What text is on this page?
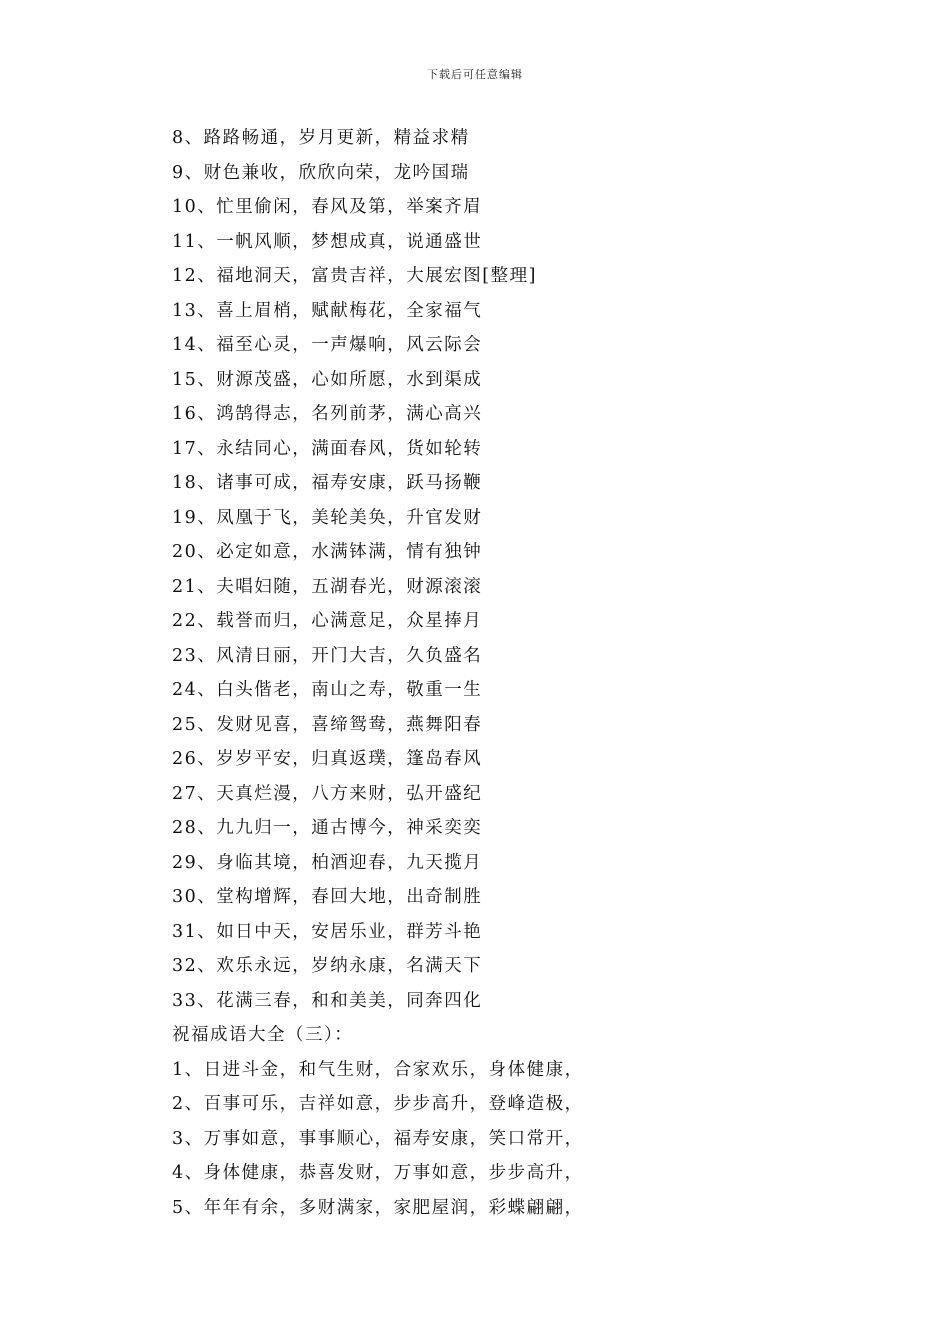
下载后可任意编辑
8、路路畅通，岁月更新，精益求精
9、财色兼收，欣欣向荣，龙吟国瑞
10、忙里偷闲，春风及第，举案齐眉
11、一帆风顺，梦想成真，说通盛世
12、福地洞天，富贵吉祥，大展宏图[整理]
13、喜上眉梢，赋献梅花，全家福气
14、福至心灵，一声爆响，风云际会
15、财源茂盛，心如所愿，水到渠成
16、鸿鹄得志，名列前茅，满心高兴
17、永结同心，满面春风，货如轮转
18、诸事可成，福寿安康，跃马扬鞭
19、凤凰于飞，美轮美奂，升官发财
20、必定如意，水满钵满，情有独钟
21、夫唱妇随，五湖春光，财源滚滚
22、载誉而归，心满意足，众星捧月
23、风清日丽，开门大吉，久负盛名
24、白头偕老，南山之寿，敬重一生
25、发财见喜，喜缔鸳鸯，燕舞阳春
26、岁岁平安，归真返璞，篷岛春风
27、天真烂漫，八方来财，弘开盛纪
28、九九归一，通古博今，神采奕奕
29、身临其境，柏酒迎春，九天揽月
30、堂构增辉，春回大地，出奇制胜
31、如日中天，安居乐业，群芳斗艳
32、欢乐永远，岁纳永康，名满天下
33、花满三春，和和美美，同奔四化
祝福成语大全（三）：
1、日进斗金，和气生财，合家欢乐，身体健康，
2、百事可乐，吉祥如意，步步高升，登峰造极，
3、万事如意，事事顺心，福寿安康，笑口常开，
4、身体健康，恭喜发财，万事如意，步步高升，
5、年年有余，多财满家，家肥屋润，彩蝶翩翩，
